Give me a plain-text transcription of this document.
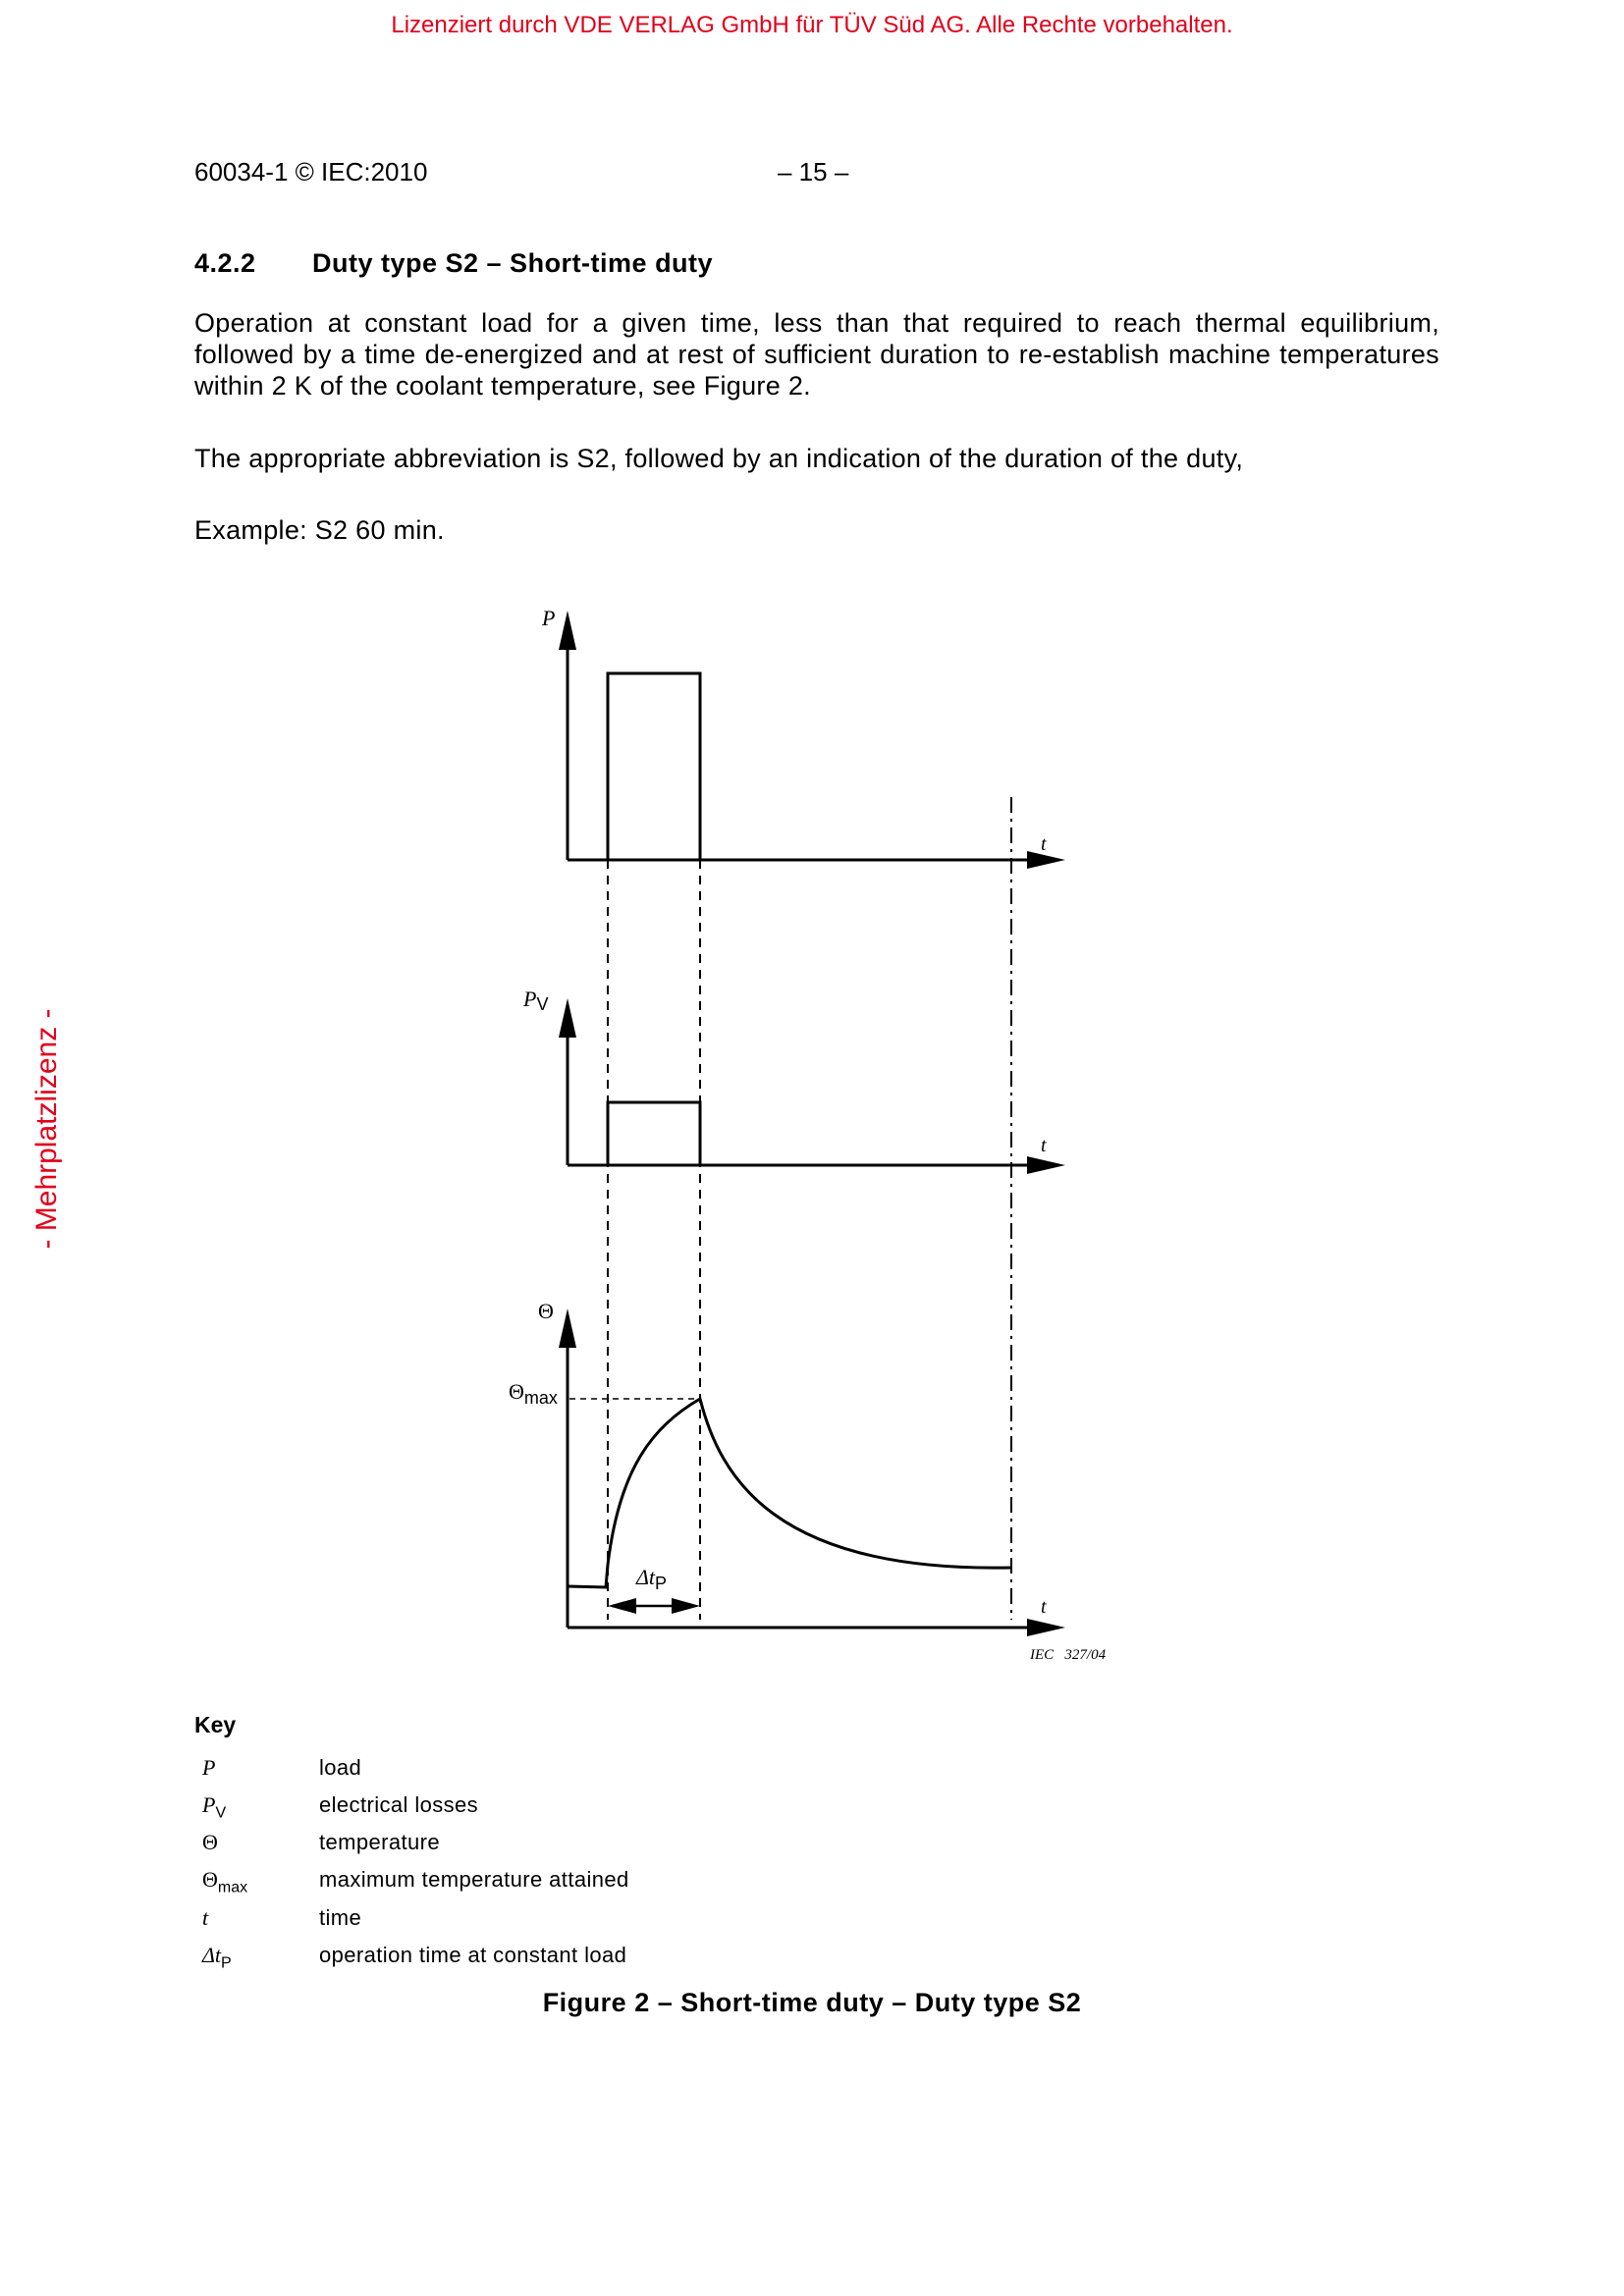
Lizenziert durch VDE VERLAG GmbH für TÜV Süd AG. Alle Rechte vorbehalten.
- Mehrplatzlizenz -
60034-1 © IEC:2010	– 15 –
4.2.2 Duty type S2 – Short-time duty
Operation at constant load for a given time, less than that required to reach thermal equilibrium, followed by a time de-energized and at rest of sufficient duration to re-establish machine temperatures within 2 K of the coolant temperature, see Figure 2.
The appropriate abbreviation is S2, followed by an indication of the duration of the duty,
Example: S2 60 min.
P
t
PV
t
Θ
$\Theta_{max}$
$\Delta t_P$
t
IEC   327/04
Key
P	load
$P_V$	electrical losses
Θ	temperature
$\Theta_{max}$	maximum temperature attained
t	time
$\Delta t_P$	operation time at constant load
Figure 2 – Short-time duty – Duty type S2
